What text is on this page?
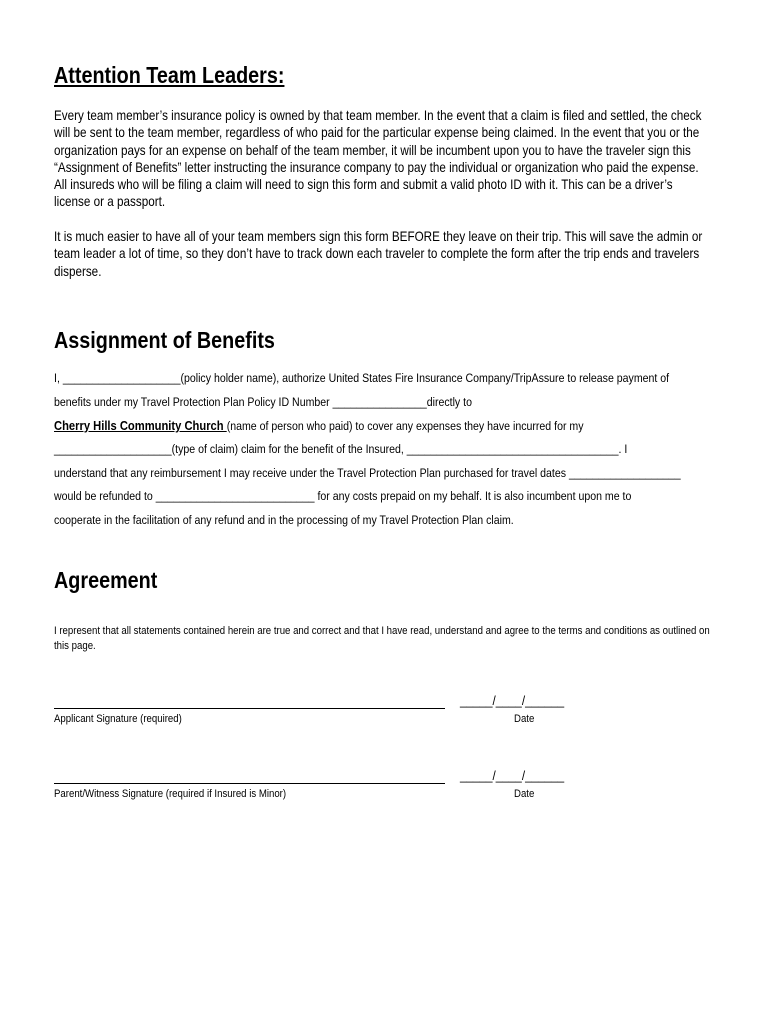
Attention Team Leaders:
Every team member’s insurance policy is owned by that team member. In the event that a claim is filed and settled, the check will be sent to the team member, regardless of who paid for the particular expense being claimed. In the event that you or the organization pays for an expense on behalf of the team member, it will be incumbent upon you to have the traveler sign this “Assignment of Benefits” letter instructing the insurance company to pay the individual or organization who paid the expense. All insureds who will be filing a claim will need to sign this form and submit a valid photo ID with it. This can be a driver’s license or a passport.
It is much easier to have all of your team members sign this form BEFORE they leave on their trip. This will save the admin or team leader a lot of time, so they don’t have to track down each traveler to complete the form after the trip ends and travelers disperse.
Assignment of Benefits
I, ____________________(policy holder name), authorize United States Fire Insurance Company/TripAssure to release payment of
benefits under my Travel Protection Plan Policy ID Number ________________directly to
Cherry Hills Community Church (name of person who paid) to cover any expenses they have incurred for my
____________________(type of claim) claim for the benefit of the Insured, ____________________________________. I
understand that any reimbursement I may receive under the Travel Protection Plan purchased for travel dates ___________________
would be refunded to ___________________________ for any costs prepaid on my behalf. It is also incumbent upon me to
cooperate in the facilitation of any refund and in the processing of my Travel Protection Plan claim.
Agreement
I represent that all statements contained herein are true and correct and that I have read, understand and agree to the terms and conditions as outlined on this page.
_____/____/______
Applicant Signature (required)	Date
_____/____/______
Parent/Witness Signature (required if Insured is Minor)	Date
